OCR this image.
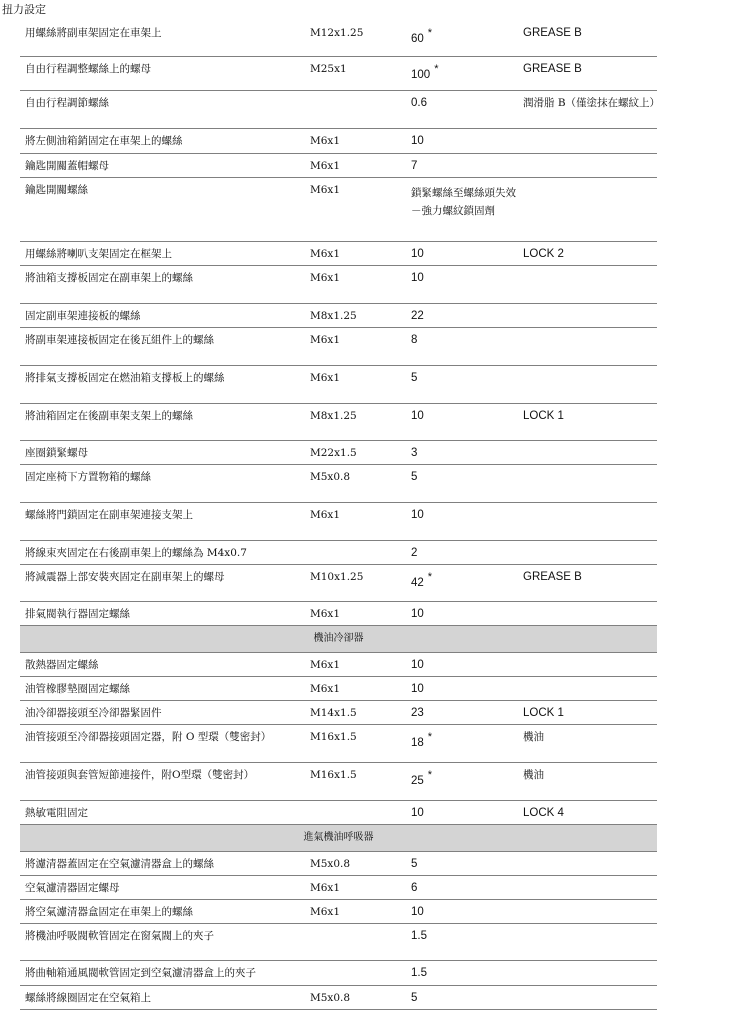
扭力設定
用螺絲將副車架固定在車架上	M12x1.25	60 *	GREASE B
自由行程調整螺絲上的螺母	M25x1	100 *	GREASE B
自由行程調節螺絲		0.6	潤滑脂 B（僅塗抹在螺紋上）
將左側油箱銷固定在車架上的螺絲	M6x1	10	
鑰匙開關蓋帽螺母	M6x1	7	
鑰匙開關螺絲	M6x1	鎖緊螺絲至螺絲頭失效－強力螺紋鎖固劑	
用螺絲將喇叭支架固定在框架上	M6x1	10	LOCK 2
將油箱支撐板固定在副車架上的螺絲	M6x1	10	
固定副車架連接板的螺絲	M8x1.25	22	
將副車架連接板固定在後瓦組件上的螺絲	M6x1	8	
將排氣支撐板固定在燃油箱支撐板上的螺絲	M6x1	5	
將油箱固定在後副車架支架上的螺絲	M8x1.25	10	LOCK 1
座圈鎖緊螺母	M22x1.5	3	
固定座椅下方置物箱的螺絲	M5x0.8	5	
螺絲將門鎖固定在副車架連接支架上	M6x1	10	
將線束夾固定在右後副車架上的螺絲為 M4x0.7		2	
將減震器上部安裝夾固定在副車架上的螺母	M10x1.25	42 *	GREASE B
排氣閥執行器固定螺絲	M6x1	10	
機油冷卻器			
散熱器固定螺絲	M6x1	10	
油管橡膠墊圈固定螺絲	M6x1	10	
油冷卻器接頭至冷卻器緊固件	M14x1.5	23	LOCK 1
油管接頭至冷卻器接頭固定器，附 O 型環（雙密封）	M16x1.5	18 *	機油
油管接頭與套管短節連接件，附O型環（雙密封）	M16x1.5	25 *	機油
熱敏電阻固定		10	LOCK 4
進氣機油呼吸器			
將濾清器蓋固定在空氣濾清器盒上的螺絲	M5x0.8	5	
空氣濾清器固定螺母	M6x1	6	
將空氣濾清器盒固定在車架上的螺絲	M6x1	10	
將機油呼吸閥軟管固定在窗氣閥上的夾子		1.5	
將曲軸箱通風閥軟管固定到空氣濾清器盒上的夾子		1.5	
螺絲將線圈固定在空氣箱上	M5x0.8	5	
